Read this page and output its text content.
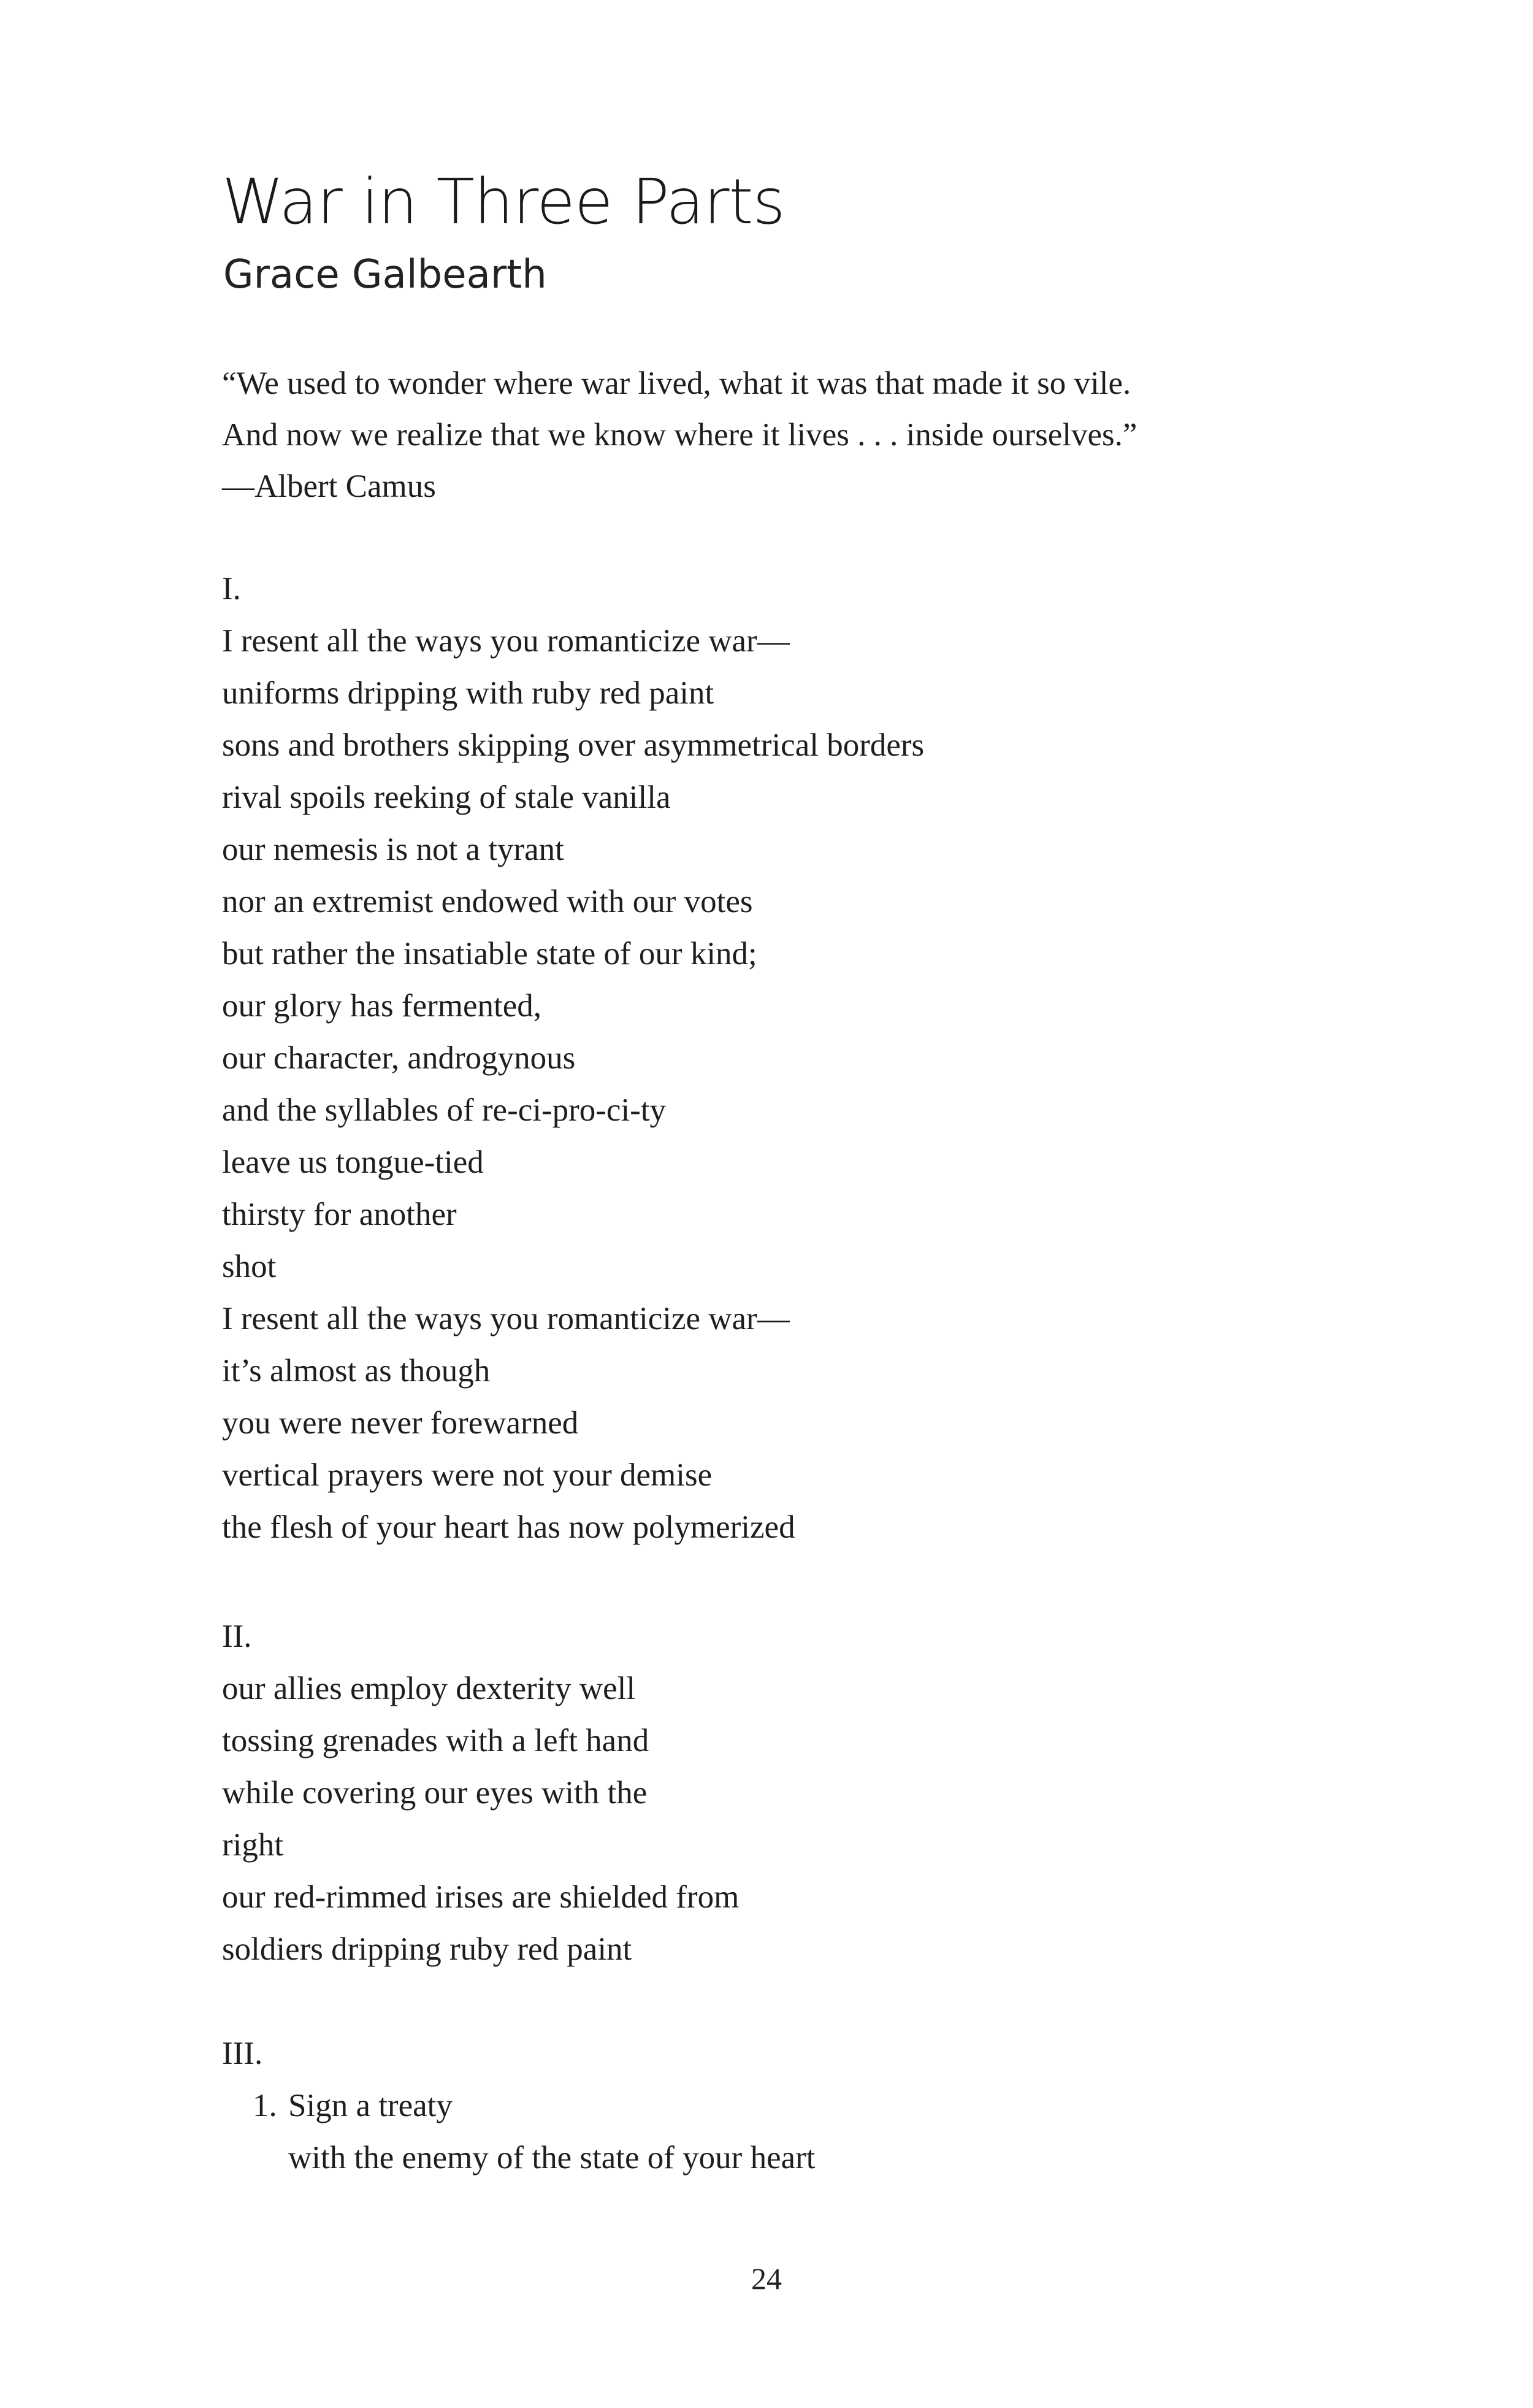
War in Three Parts
Grace Galbearth
“We used to wonder where war lived, what it was that made it so vile.
And now we realize that we know where it lives . . . inside ourselves.”
—Albert Camus
I.
I resent all the ways you romanticize war—
uniforms dripping with ruby red paint
sons and brothers skipping over asymmetrical borders
rival spoils reeking of stale vanilla
our nemesis is not a tyrant
nor an extremist endowed with our votes
but rather the insatiable state of our kind;
our glory has fermented,
our character, androgynous
and the syllables of re-ci-pro-ci-ty
leave us tongue-tied
thirsty for another
shot
I resent all the ways you romanticize war—
it’s almost as though
you were never forewarned
vertical prayers were not your demise
the flesh of your heart has now polymerized
II.
our allies employ dexterity well
tossing grenades with a left hand
while covering our eyes with the
right
our red-rimmed irises are shielded from
soldiers dripping ruby red paint
III.
1. Sign a treaty
with the enemy of the state of your heart
24
